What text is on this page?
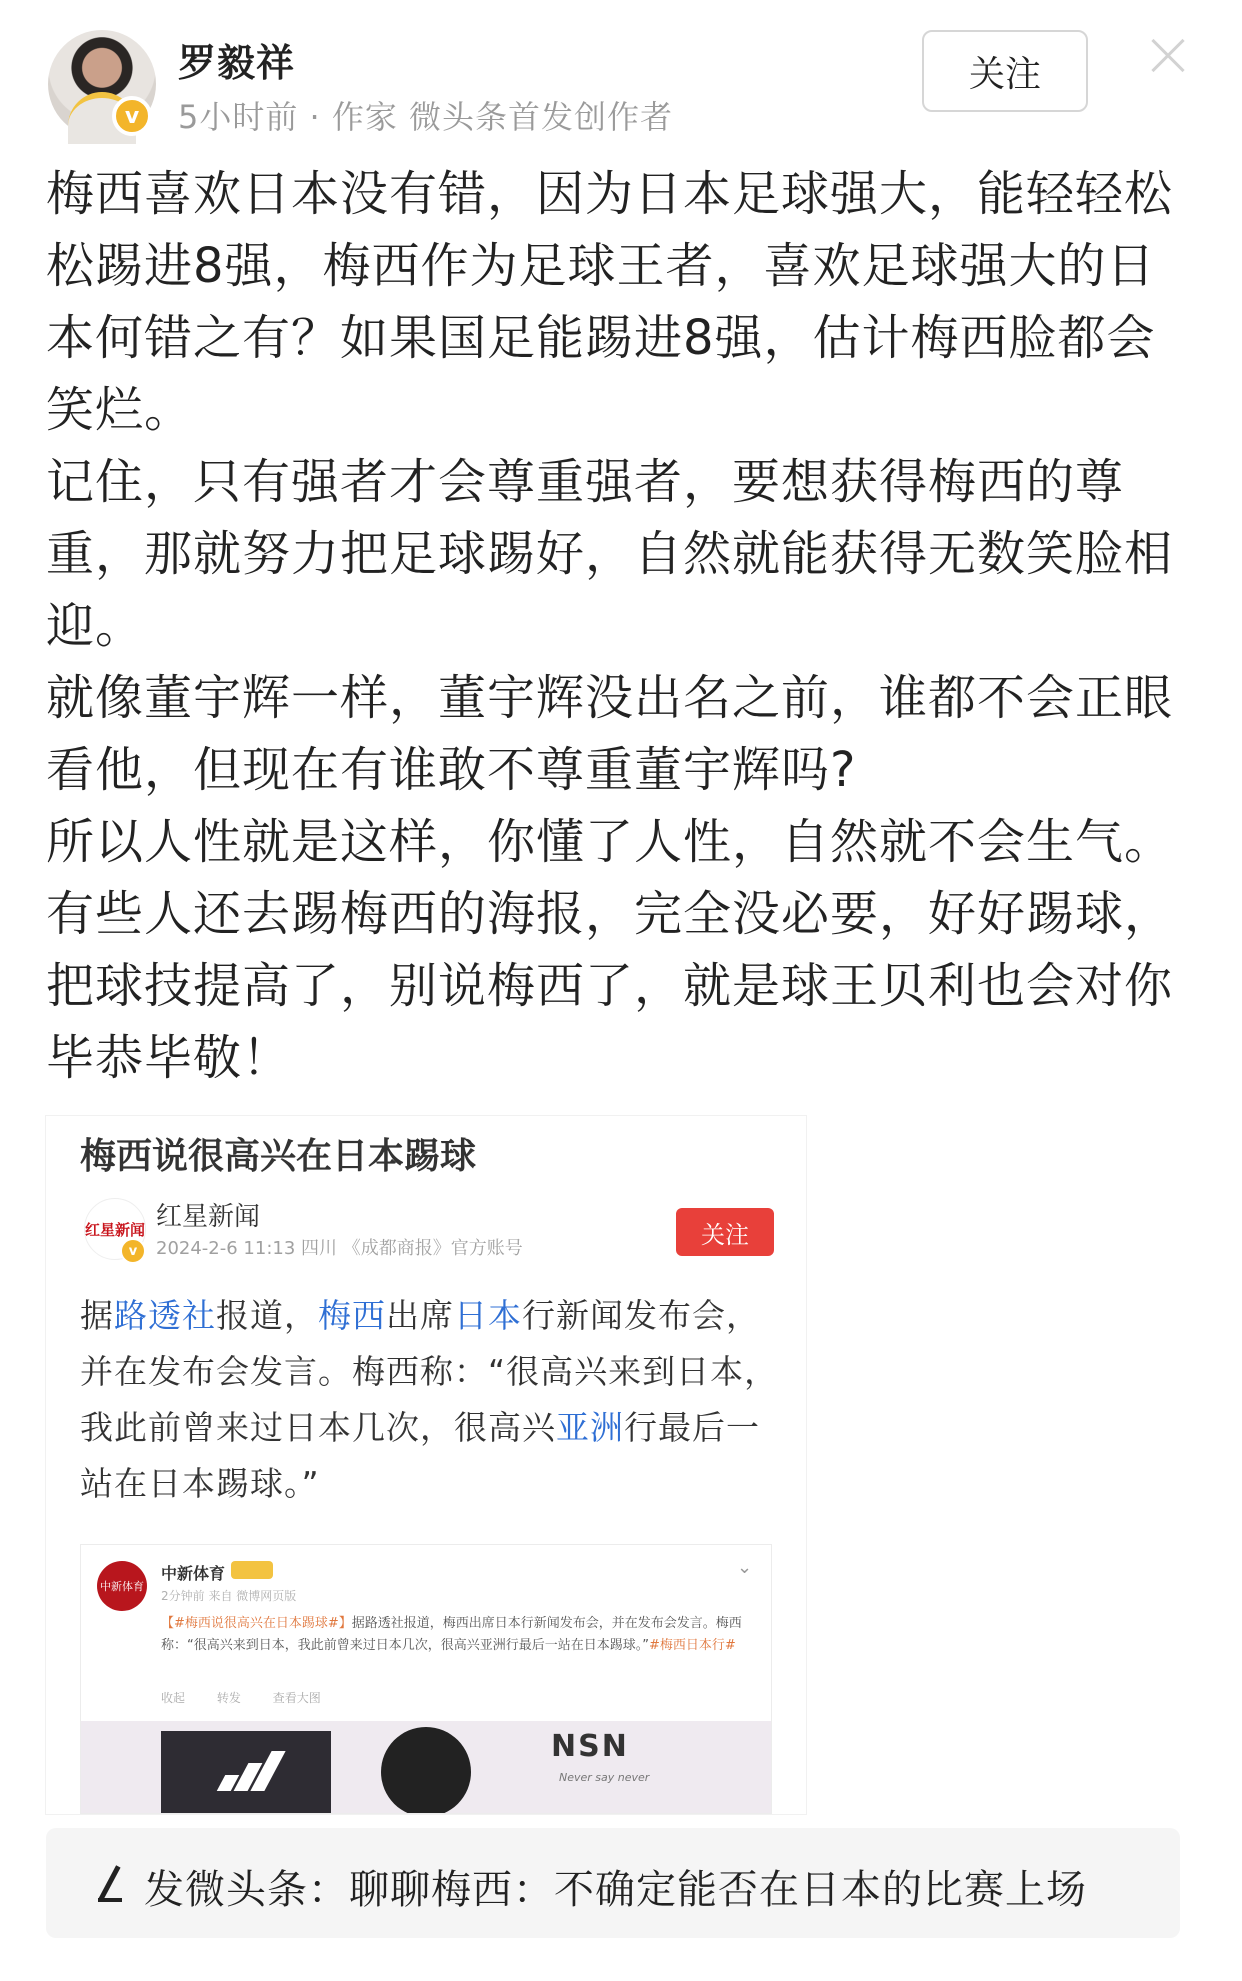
v
罗毅祥
5小时前 · 作家 微头条首发创作者
关注

梅西喜欢日本没有错，因为日本足球强大，能轻轻松松踢进8强，梅西作为足球王者，喜欢足球强大的日本何错之有？如果国足能踢进8强，估计梅西脸都会笑烂。

记住，只有强者才会尊重强者，要想获得梅西的尊重，那就努力把足球踢好，自然就能获得无数笑脸相迎。

就像董宇辉一样，董宇辉没出名之前，谁都不会正眼看他，但现在有谁敢不尊重董宇辉吗?

所以人性就是这样，你懂了人性，自然就不会生气。有些人还去踢梅西的海报，完全没必要，好好踢球，把球技提高了，别说梅西了，就是球王贝利也会对你毕恭毕敬！

梅西说很高兴在日本踢球
红星新闻
v
红星新闻
2024-2-6 11:13 四川 《成都商报》官方账号	关注
据路透社报道，梅西出席日本行新闻发布会，并在发布会发言。梅西称：“很高兴来到日本，我此前曾来过日本几次，很高兴亚洲行最后一站在日本踢球。”
中新体育
中新体育
2分钟前 来自 微博网页版
⌄
【#梅西说很高兴在日本踢球#】据路透社报道，梅西出席日本行新闻发布会，并在发布会发言。梅西称：“很高兴来到日本，我此前曾来过日本几次，很高兴亚洲行最后一站在日本踢球。”#梅西日本行#
收起	转发	查看大图
NSN
Never say never
发微头条：聊聊梅西：不确定能否在日本的比赛上场
